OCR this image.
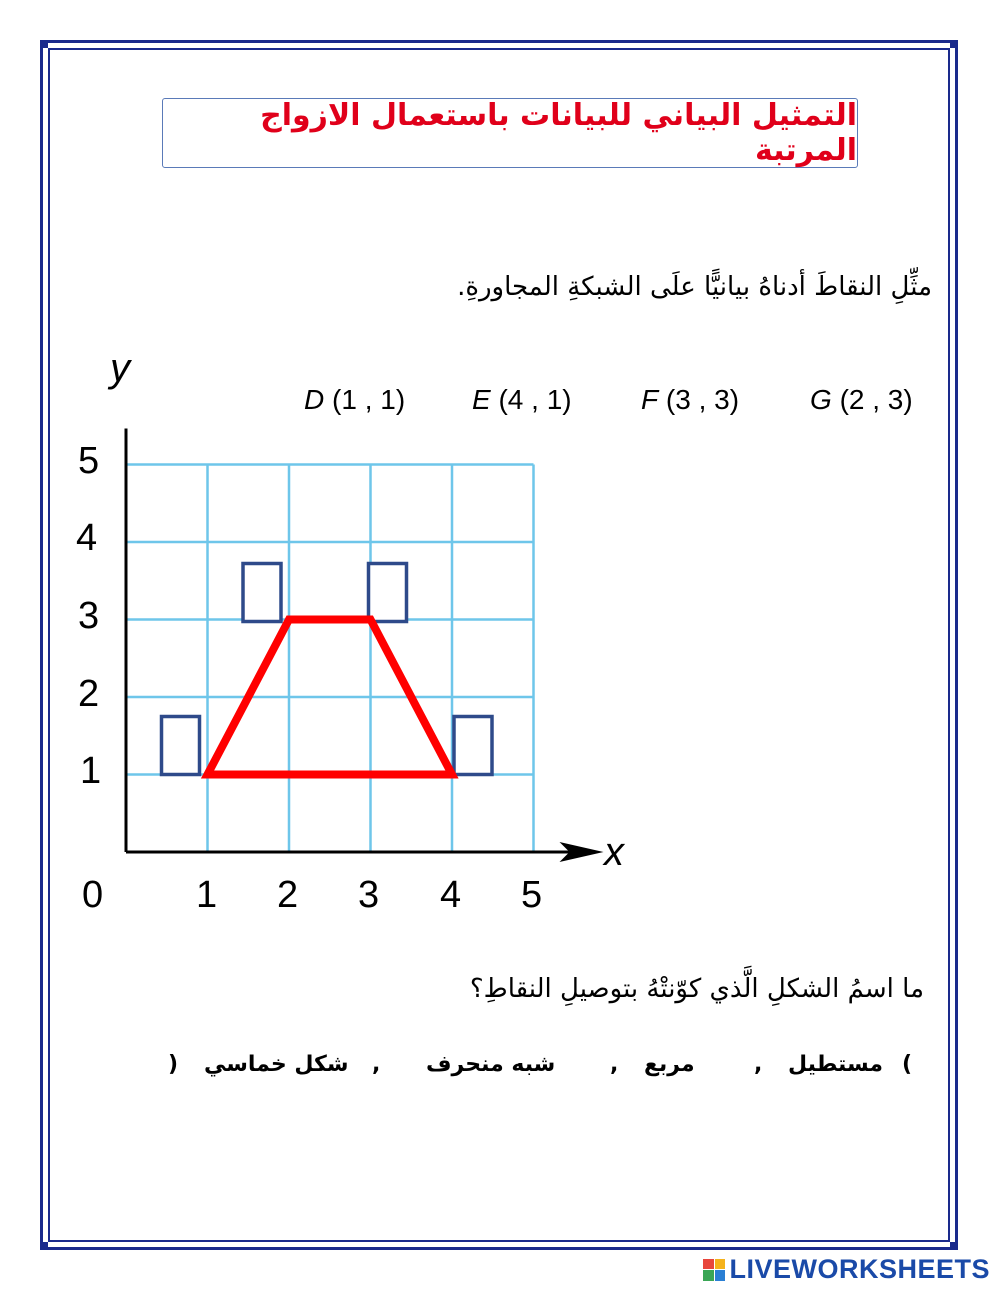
التمثيل البياني للبيانات باستعمال الازواج المرتبة
مثِّلِ النقاطَ أدناهُ بيانيًّا علَى الشبكةِ المجاورةِ.
D (1 , 1) E (4 , 1) F (3 , 3)	G (2 , 3)
y
x
0 1 2 3 4 5
1
2
3
4
5
ما اسمُ الشكلِ الَّذي كوّنتْهُ بتوصيلِ النقاطِ؟
) شكل خماسي , شبه منحرف , مربع	, مستطيل (
LIVEWORKSHEETS
